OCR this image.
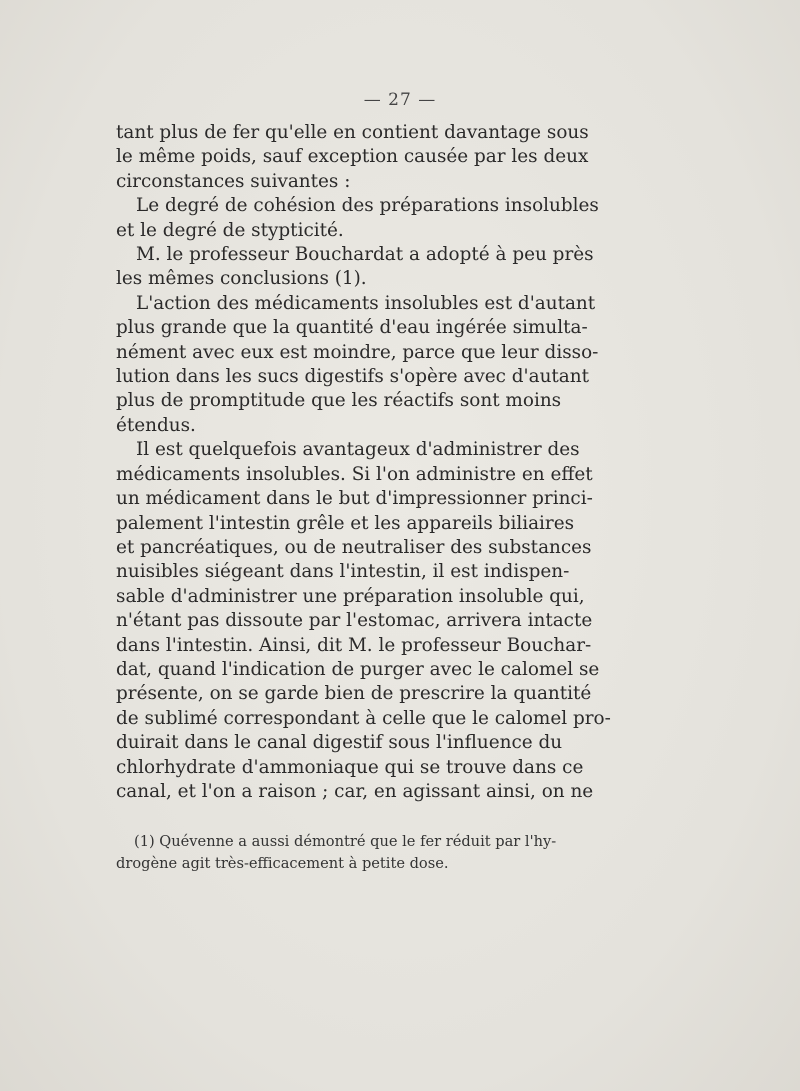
— 27 —
tant plus de fer qu'elle en contient davantage sous
le même poids, sauf exception causée par les deux
circonstances suivantes :
Le degré de cohésion des préparations insolubles
et le degré de stypticité.
M. le professeur Bouchardat a adopté à peu près
les mêmes conclusions (1).
L'action des médicaments insolubles est d'autant
plus grande que la quantité d'eau ingérée simulta-
nément avec eux est moindre, parce que leur disso-
lution dans les sucs digestifs s'opère avec d'autant
plus de promptitude que les réactifs sont moins
étendus.
Il est quelquefois avantageux d'administrer des
médicaments insolubles. Si l'on administre en effet
un médicament dans le but d'impressionner princi-
palement l'intestin grêle et les appareils biliaires
et pancréatiques, ou de neutraliser des substances
nuisibles siégeant dans l'intestin, il est indispen-
sable d'administrer une préparation insoluble qui,
n'étant pas dissoute par l'estomac, arrivera intacte
dans l'intestin. Ainsi, dit M. le professeur Bouchar-
dat, quand l'indication de purger avec le calomel se
présente, on se garde bien de prescrire la quantité
de sublimé correspondant à celle que le calomel pro-
duirait dans le canal digestif sous l'influence du
chlorhydrate d'ammoniaque qui se trouve dans ce
canal, et l'on a raison ; car, en agissant ainsi, on ne
(1) Quévenne a aussi démontré que le fer réduit par l'hy-
drogène agit très-efficacement à petite dose.
